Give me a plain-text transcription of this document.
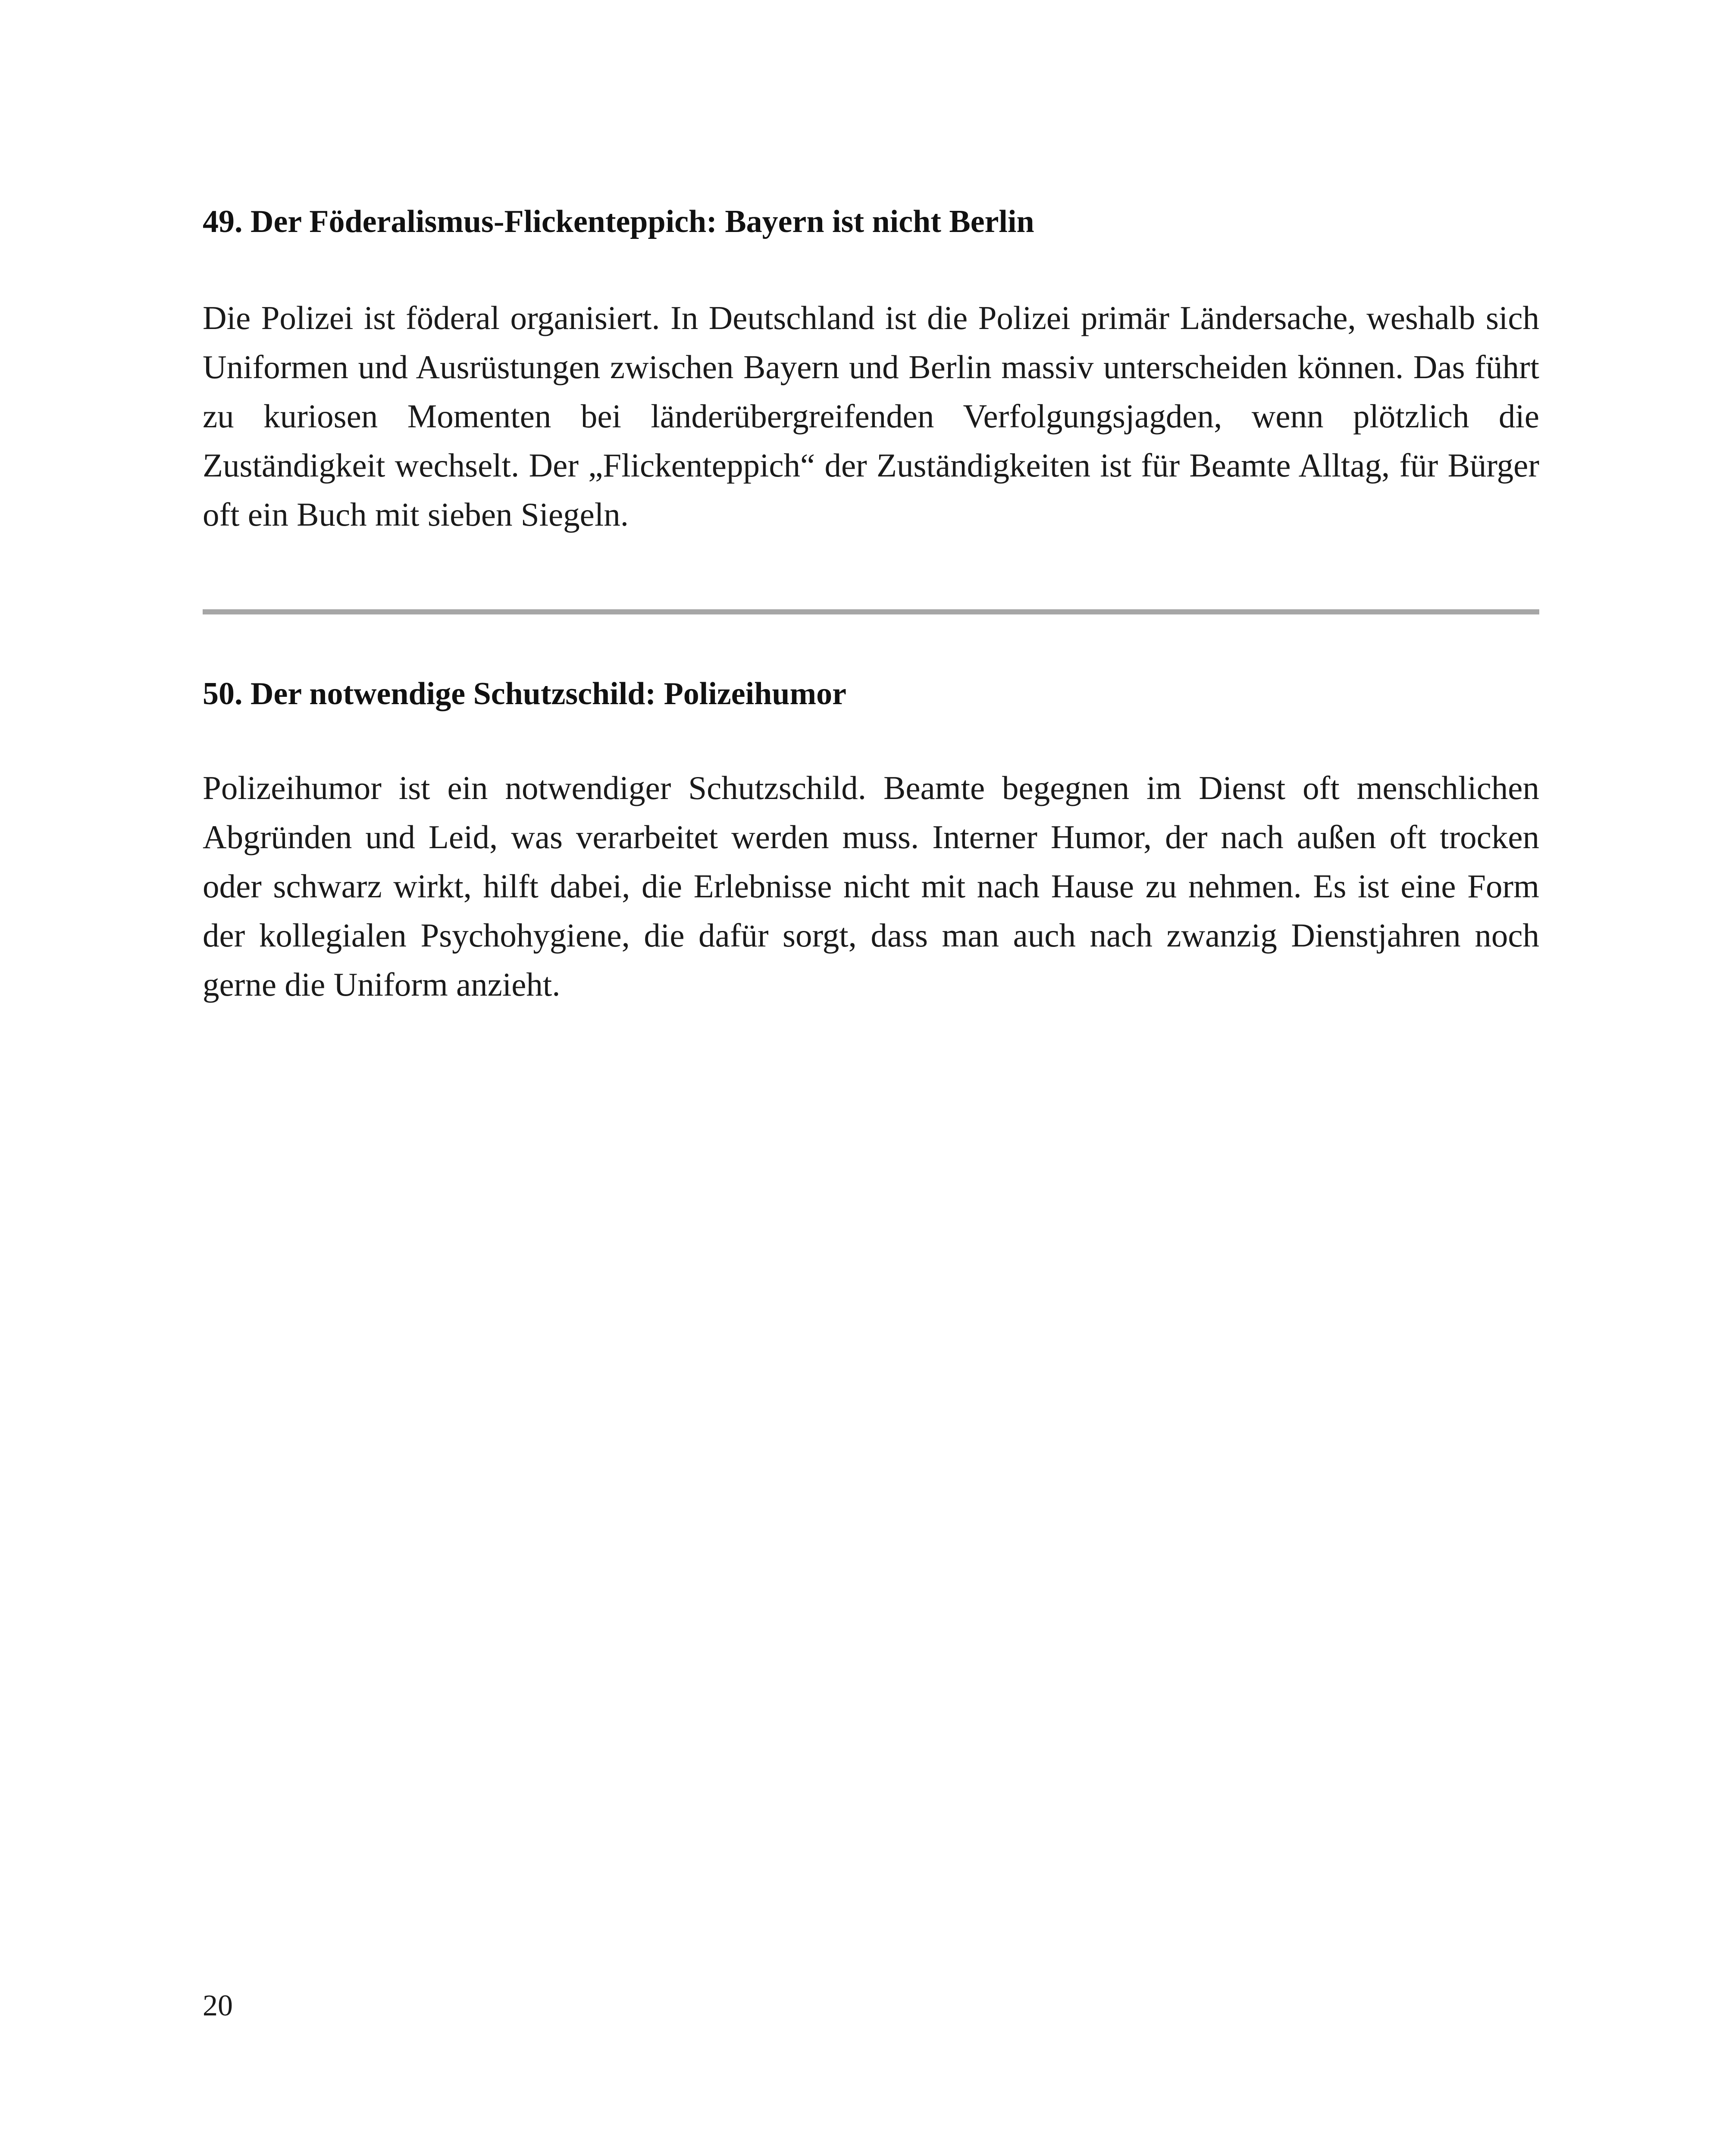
49. Der Föderalismus-Flickenteppich: Bayern ist nicht Berlin

Die Polizei ist föderal organisiert. In Deutschland ist die Polizei primär Ländersache, weshalb sich Uniformen und Ausrüstungen zwischen Bayern und Berlin massiv unterscheiden können. Das führt zu kuriosen Momenten bei länderübergreifenden Verfolgungsjagden, wenn plötzlich die Zuständigkeit wechselt. Der „Flickenteppich“ der Zuständigkeiten ist für Beamte Alltag, für Bürger oft ein Buch mit sieben Siegeln.

50. Der notwendige Schutzschild: Polizeihumor

Polizeihumor ist ein notwendiger Schutzschild. Beamte begegnen im Dienst oft menschlichen Abgründen und Leid, was verarbeitet werden muss. Interner Humor, der nach außen oft trocken oder schwarz wirkt, hilft dabei, die Erlebnisse nicht mit nach Hause zu nehmen. Es ist eine Form der kollegialen Psychohygiene, die dafür sorgt, dass man auch nach zwanzig Dienstjahren noch gerne die Uniform anzieht.

20
